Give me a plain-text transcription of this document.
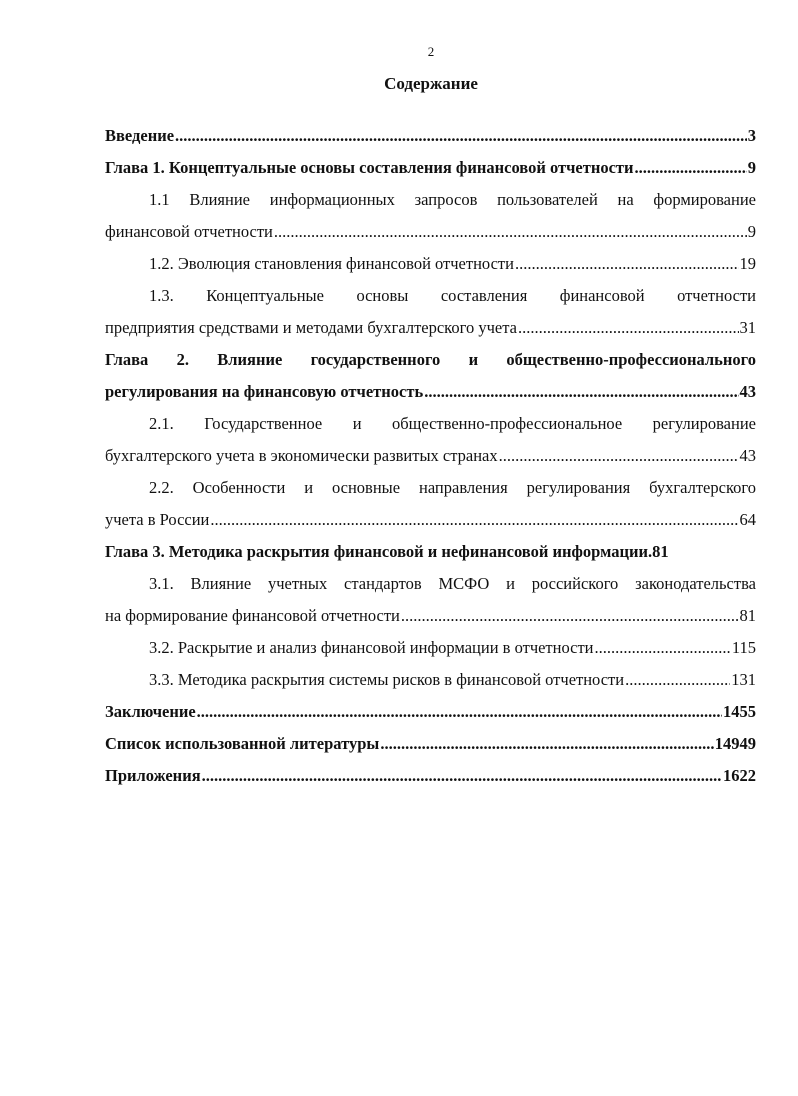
2
Содержание
Введение .....	3
Глава 1. Концептуальные основы составления финансовой отчетности .....	9
1.1 Влияние информационных запросов пользователей на формирование
финансовой отчетности .....	9
1.2. Эволюция становления финансовой отчетности .....	19
1.3. Концептуальные основы составления финансовой отчетности
предприятия средствами и методами бухгалтерского учета .....	31
Глава 2. Влияние государственного и общественно-профессионального
регулирования на финансовую отчетность .....	43
2.1. Государственное и общественно-профессиональное регулирование
бухгалтерского учета в экономически развитых странах .....	43
2.2. Особенности и основные направления регулирования бухгалтерского
учета в России .....	64
Глава 3. Методика раскрытия финансовой и нефинансовой информации. 81
3.1. Влияние учетных стандартов МСФО и российского законодательства
на формирование финансовой отчетности .....	81
3.2. Раскрытие и анализ финансовой информации в отчетности .....	115
3.3. Методика раскрытия системы рисков в финансовой отчетности .....	131
Заключение .....	1455
Список использованной литературы .....	14949
Приложения .....	1622
